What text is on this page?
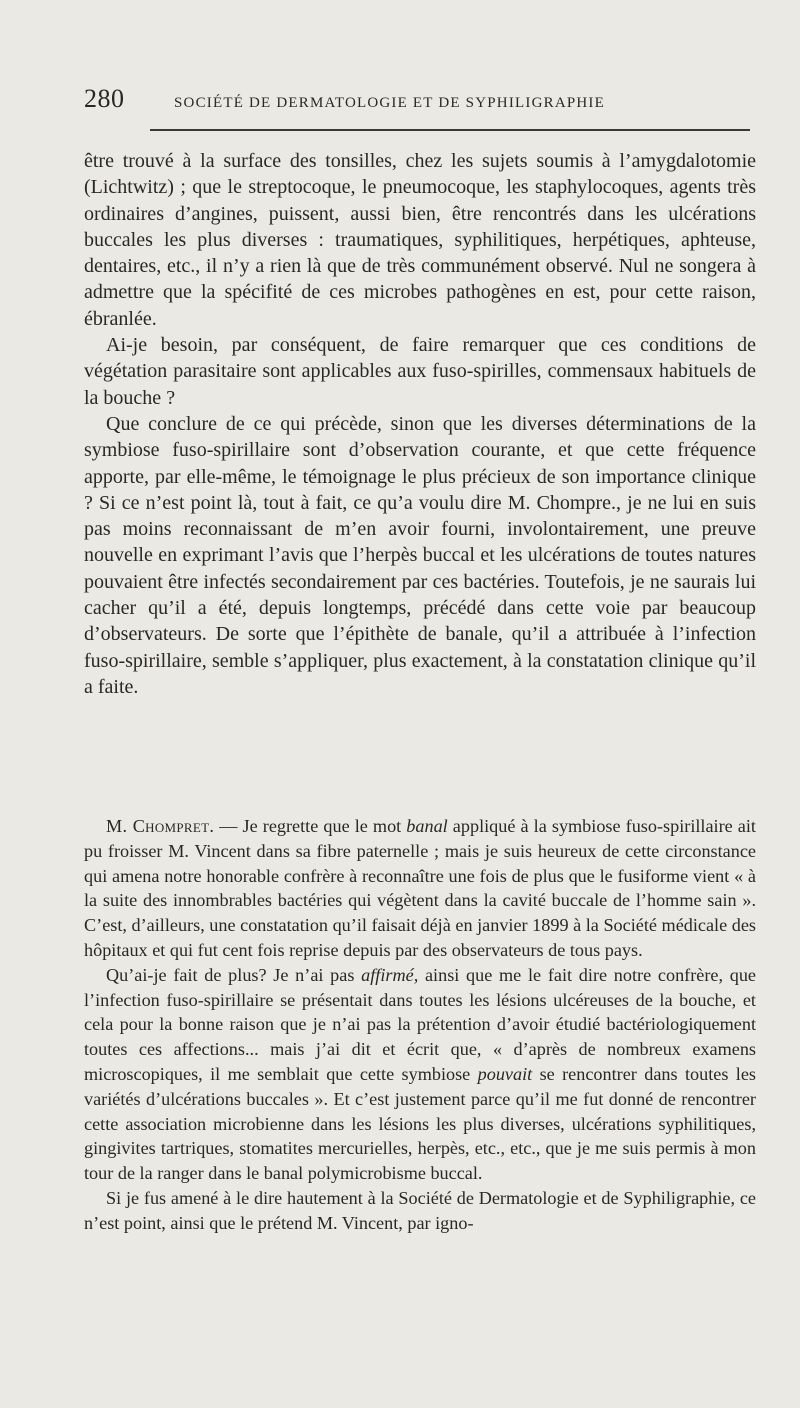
280	SOCIÉTÉ DE DERMATOLOGIE ET DE SYPHILIGRAPHIE

être trouvé à la surface des tonsilles, chez les sujets soumis à l’amygdalotomie (Lichtwitz) ; que le streptocoque, le pneumocoque, les staphylocoques, agents très ordinaires d’angines, puissent, aussi bien, être rencontrés dans les ulcérations buccales les plus diverses : traumatiques, syphilitiques, herpétiques, aphteuse, dentaires, etc., il n’y a rien là que de très communément observé. Nul ne songera à admettre que la spécifité de ces microbes pathogènes en est, pour cette raison, ébranlée.

Ai-je besoin, par conséquent, de faire remarquer que ces conditions de végétation parasitaire sont applicables aux fuso-spirilles, commensaux habituels de la bouche ?

Que conclure de ce qui précède, sinon que les diverses déterminations de la symbiose fuso-spirillaire sont d’observation courante, et que cette fréquence apporte, par elle-même, le témoignage le plus précieux de son importance clinique ? Si ce n’est point là, tout à fait, ce qu’a voulu dire M. Chompre., je ne lui en suis pas moins reconnaissant de m’en avoir fourni, involontairement, une preuve nouvelle en exprimant l’avis que l’herpès buccal et les ulcérations de toutes natures pouvaient être infectés secondairement par ces bactéries. Toutefois, je ne saurais lui cacher qu’il a été, depuis longtemps, précédé dans cette voie par beaucoup d’observateurs. De sorte que l’épithète de banale, qu’il a attribuée à l’infection fuso-spirillaire, semble s’appliquer, plus exactement, à la constatation clinique qu’il a faite.

M. Chompret. — Je regrette que le mot banal appliqué à la symbiose fuso-spirillaire ait pu froisser M. Vincent dans sa fibre paternelle ; mais je suis heureux de cette circonstance qui amena notre honorable confrère à reconnaître une fois de plus que le fusiforme vient « à la suite des innombrables bactéries qui végètent dans la cavité buccale de l’homme sain ». C’est, d’ailleurs, une constatation qu’il faisait déjà en janvier 1899 à la Société médicale des hôpitaux et qui fut cent fois reprise depuis par des observateurs de tous pays.

Qu’ai-je fait de plus? Je n’ai pas affirmé, ainsi que me le fait dire notre confrère, que l’infection fuso-spirillaire se présentait dans toutes les lésions ulcéreuses de la bouche, et cela pour la bonne raison que je n’ai pas la prétention d’avoir étudié bactériologiquement toutes ces affections... mais j’ai dit et écrit que, « d’après de nombreux examens microscopiques, il me semblait que cette symbiose pouvait se rencontrer dans toutes les variétés d’ulcérations buccales ». Et c’est justement parce qu’il me fut donné de rencontrer cette association microbienne dans les lésions les plus diverses, ulcérations syphilitiques, gingivites tartriques, stomatites mercurielles, herpès, etc., etc., que je me suis permis à mon tour de la ranger dans le banal polymicrobisme buccal.

Si je fus amené à le dire hautement à la Société de Dermatologie et de Syphiligraphie, ce n’est point, ainsi que le prétend M. Vincent, par igno-
